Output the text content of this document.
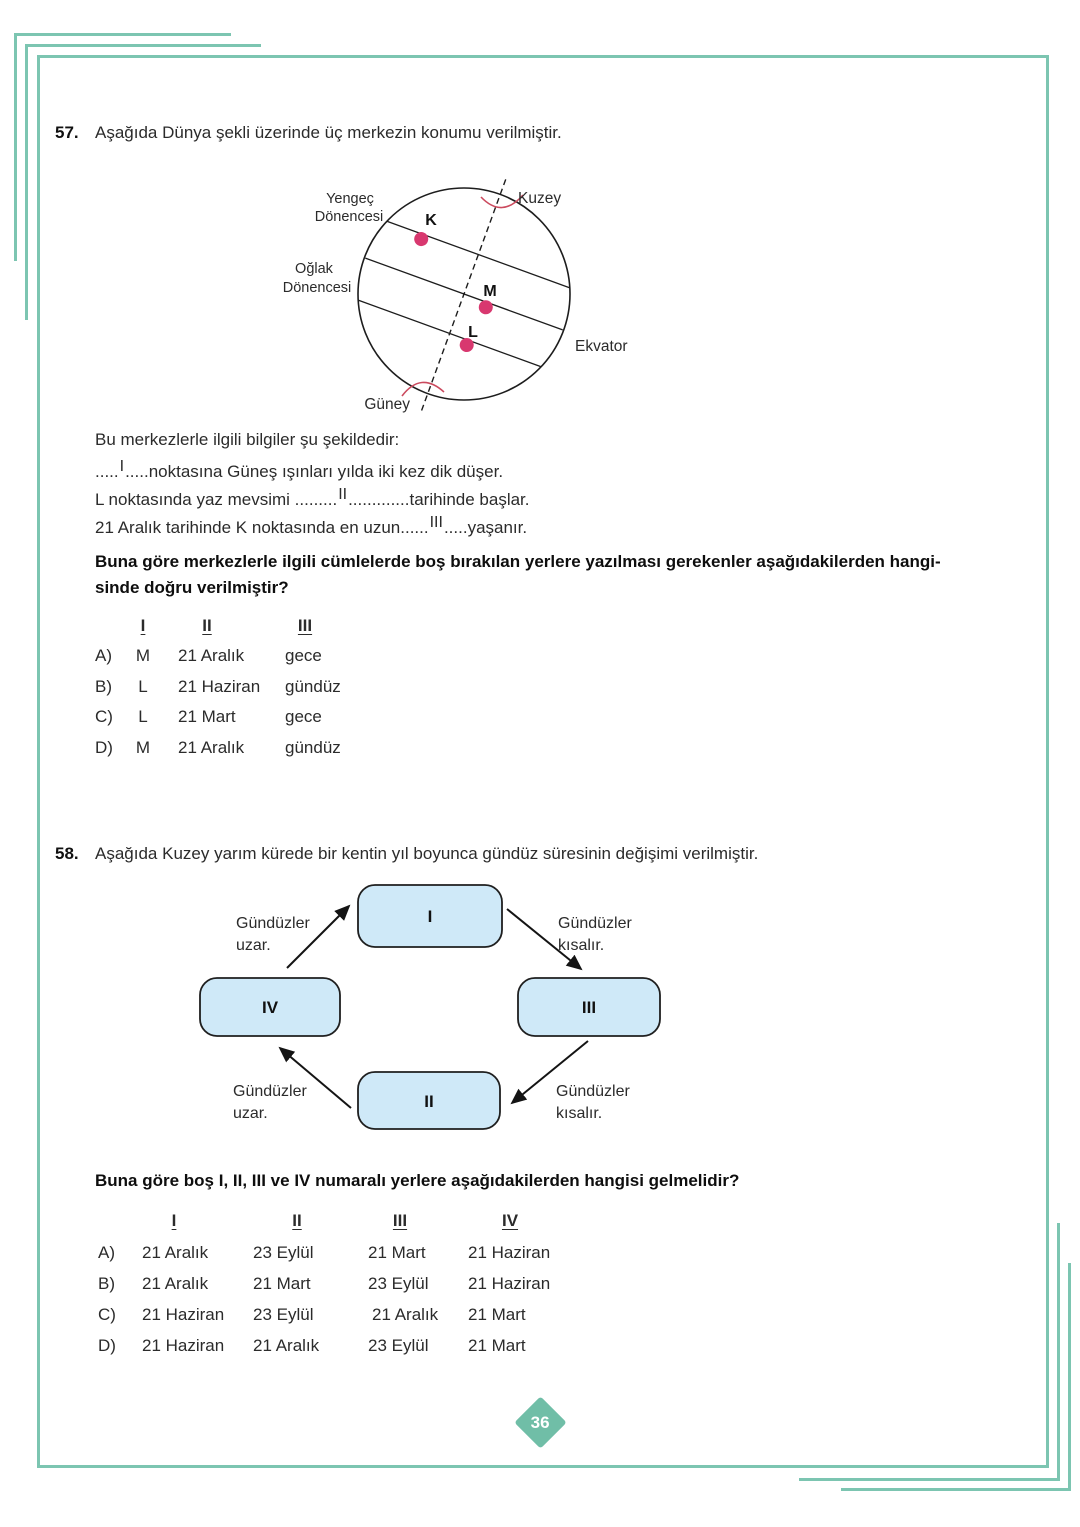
57. Aşağıda Dünya şekli üzerinde üç merkezin konumu verilmiştir.
Yengeç
Dönencesi
Oğlak
Dönencesi
Kuzey
Güney
Ekvator
K
M
L
Bu merkezlerle ilgili bilgiler şu şekildedir:
.....I.....noktasına Güneş ışınları yılda iki kez dik düşer.
L noktasında yaz mevsimi .........II.............tarihinde başlar.
21 Aralık tarihinde K noktasında en uzun......III.....yaşanır.
Buna göre merkezlerle ilgili cümlelerde boş bırakılan yerlere yazılması gerekenler aşağıdakilerden hangi-
sinde doğru verilmiştir?
I	II	III
A) M 21 Aralık gece
B) L 21 Haziran gündüz
C) L 21 Mart	gece
D) M 21 Aralık gündüz
58. Aşağıda Kuzey yarım kürede bir kentin yıl boyunca gündüz süresinin değişimi verilmiştir.
I
IV	III
II
Gündüzler
uzar.
Gündüzler
kısalır.
Gündüzler
kısalır.
Gündüzler
uzar.
Buna göre boş I, II, III ve IV numaralı yerlere aşağıdakilerden hangisi gelmelidir?
I	II	III	IV
A) 21 Aralık	23 Eylül	21 Mart 21 Haziran
B) 21 Aralık	21 Mart	23 Eylül 21 Haziran
C) 21 Haziran 23 Eylül	21 Aralık 21 Mart
D) 21 Haziran 21 Aralık	23 Eylül 21 Mart
36
